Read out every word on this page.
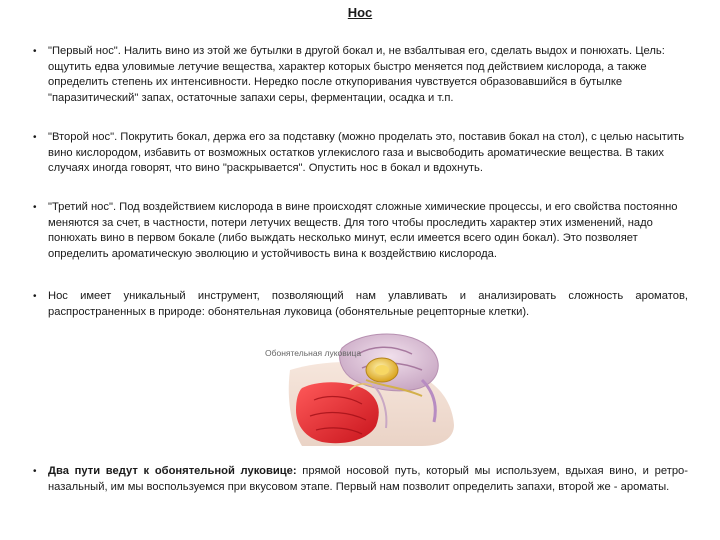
Нос
• "Первый нос". Налить вино из этой же бутылки в другой бокал и, не взбалтывая его, сделать выдох и понюхать. Цель: ощутить едва уловимые летучие вещества, характер которых быстро меняется под действием кислорода, а также определить степень их интенсивности. Нередко после откупоривания чувствуется образовавшийся в бутылке "паразитический" запах, остаточные запахи серы, ферментации, осадка и т.п.
• "Второй нос". Покрутить бокал, держа его за подставку (можно проделать это, поставив бокал на стол), с целью насытить вино кислородом, избавить от возможных остатков углекислого газа и высвободить ароматические вещества. В таких случаях иногда говорят, что вино "раскрывается". Опустить нос в бокал и вдохнуть.
• "Третий нос". Под воздействием кислорода в вине происходят сложные химические процессы, и его свойства постоянно меняются за счет, в частности, потери летучих веществ. Для того чтобы проследить характер этих изменений, надо понюхать вино в первом бокале (либо выждать несколько минут, если имеется всего один бокал). Это позволяет определить ароматическую эволюцию и устойчивость вина к воздействию кислорода.
• Нос имеет уникальный инструмент, позволяющий нам улавливать и анализировать сложность ароматов, распространенных в природе: обонятельная луковица (обонятельные рецепторные клетки).
• Два пути ведут к обонятельной луковице: прямой носовой путь, который мы используем, вдыхая вино, и ретро-назальный, им мы воспользуемся при вкусовом этапе. Первый нам позволит определить запахи, второй же - ароматы.
Обонятельная луковица
